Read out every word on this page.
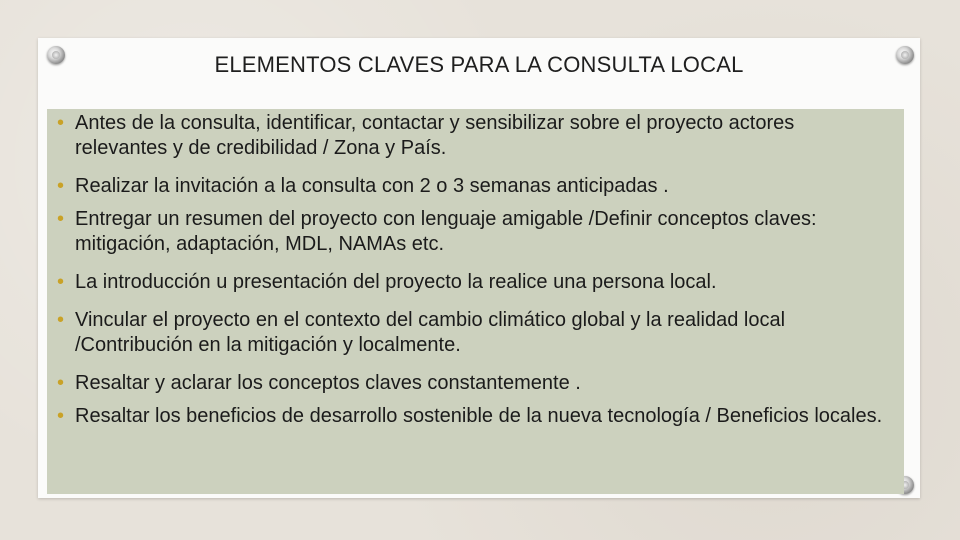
ELEMENTOS CLAVES PARA LA CONSULTA LOCAL
• Antes de la consulta, identificar, contactar y sensibilizar sobre el proyecto actores relevantes y de credibilidad / Zona y País.
• Realizar la invitación a la consulta con 2 o 3 semanas anticipadas .
• Entregar un resumen del proyecto con lenguaje amigable /Definir conceptos claves: mitigación, adaptación, MDL, NAMAs etc.
• La introducción u presentación del proyecto la realice una persona local.
• Vincular el proyecto en el contexto del cambio climático global y la realidad local /Contribución en la mitigación y localmente.
• Resaltar y aclarar los conceptos claves constantemente .
• Resaltar los beneficios de desarrollo sostenible de la nueva tecnología / Beneficios locales.
